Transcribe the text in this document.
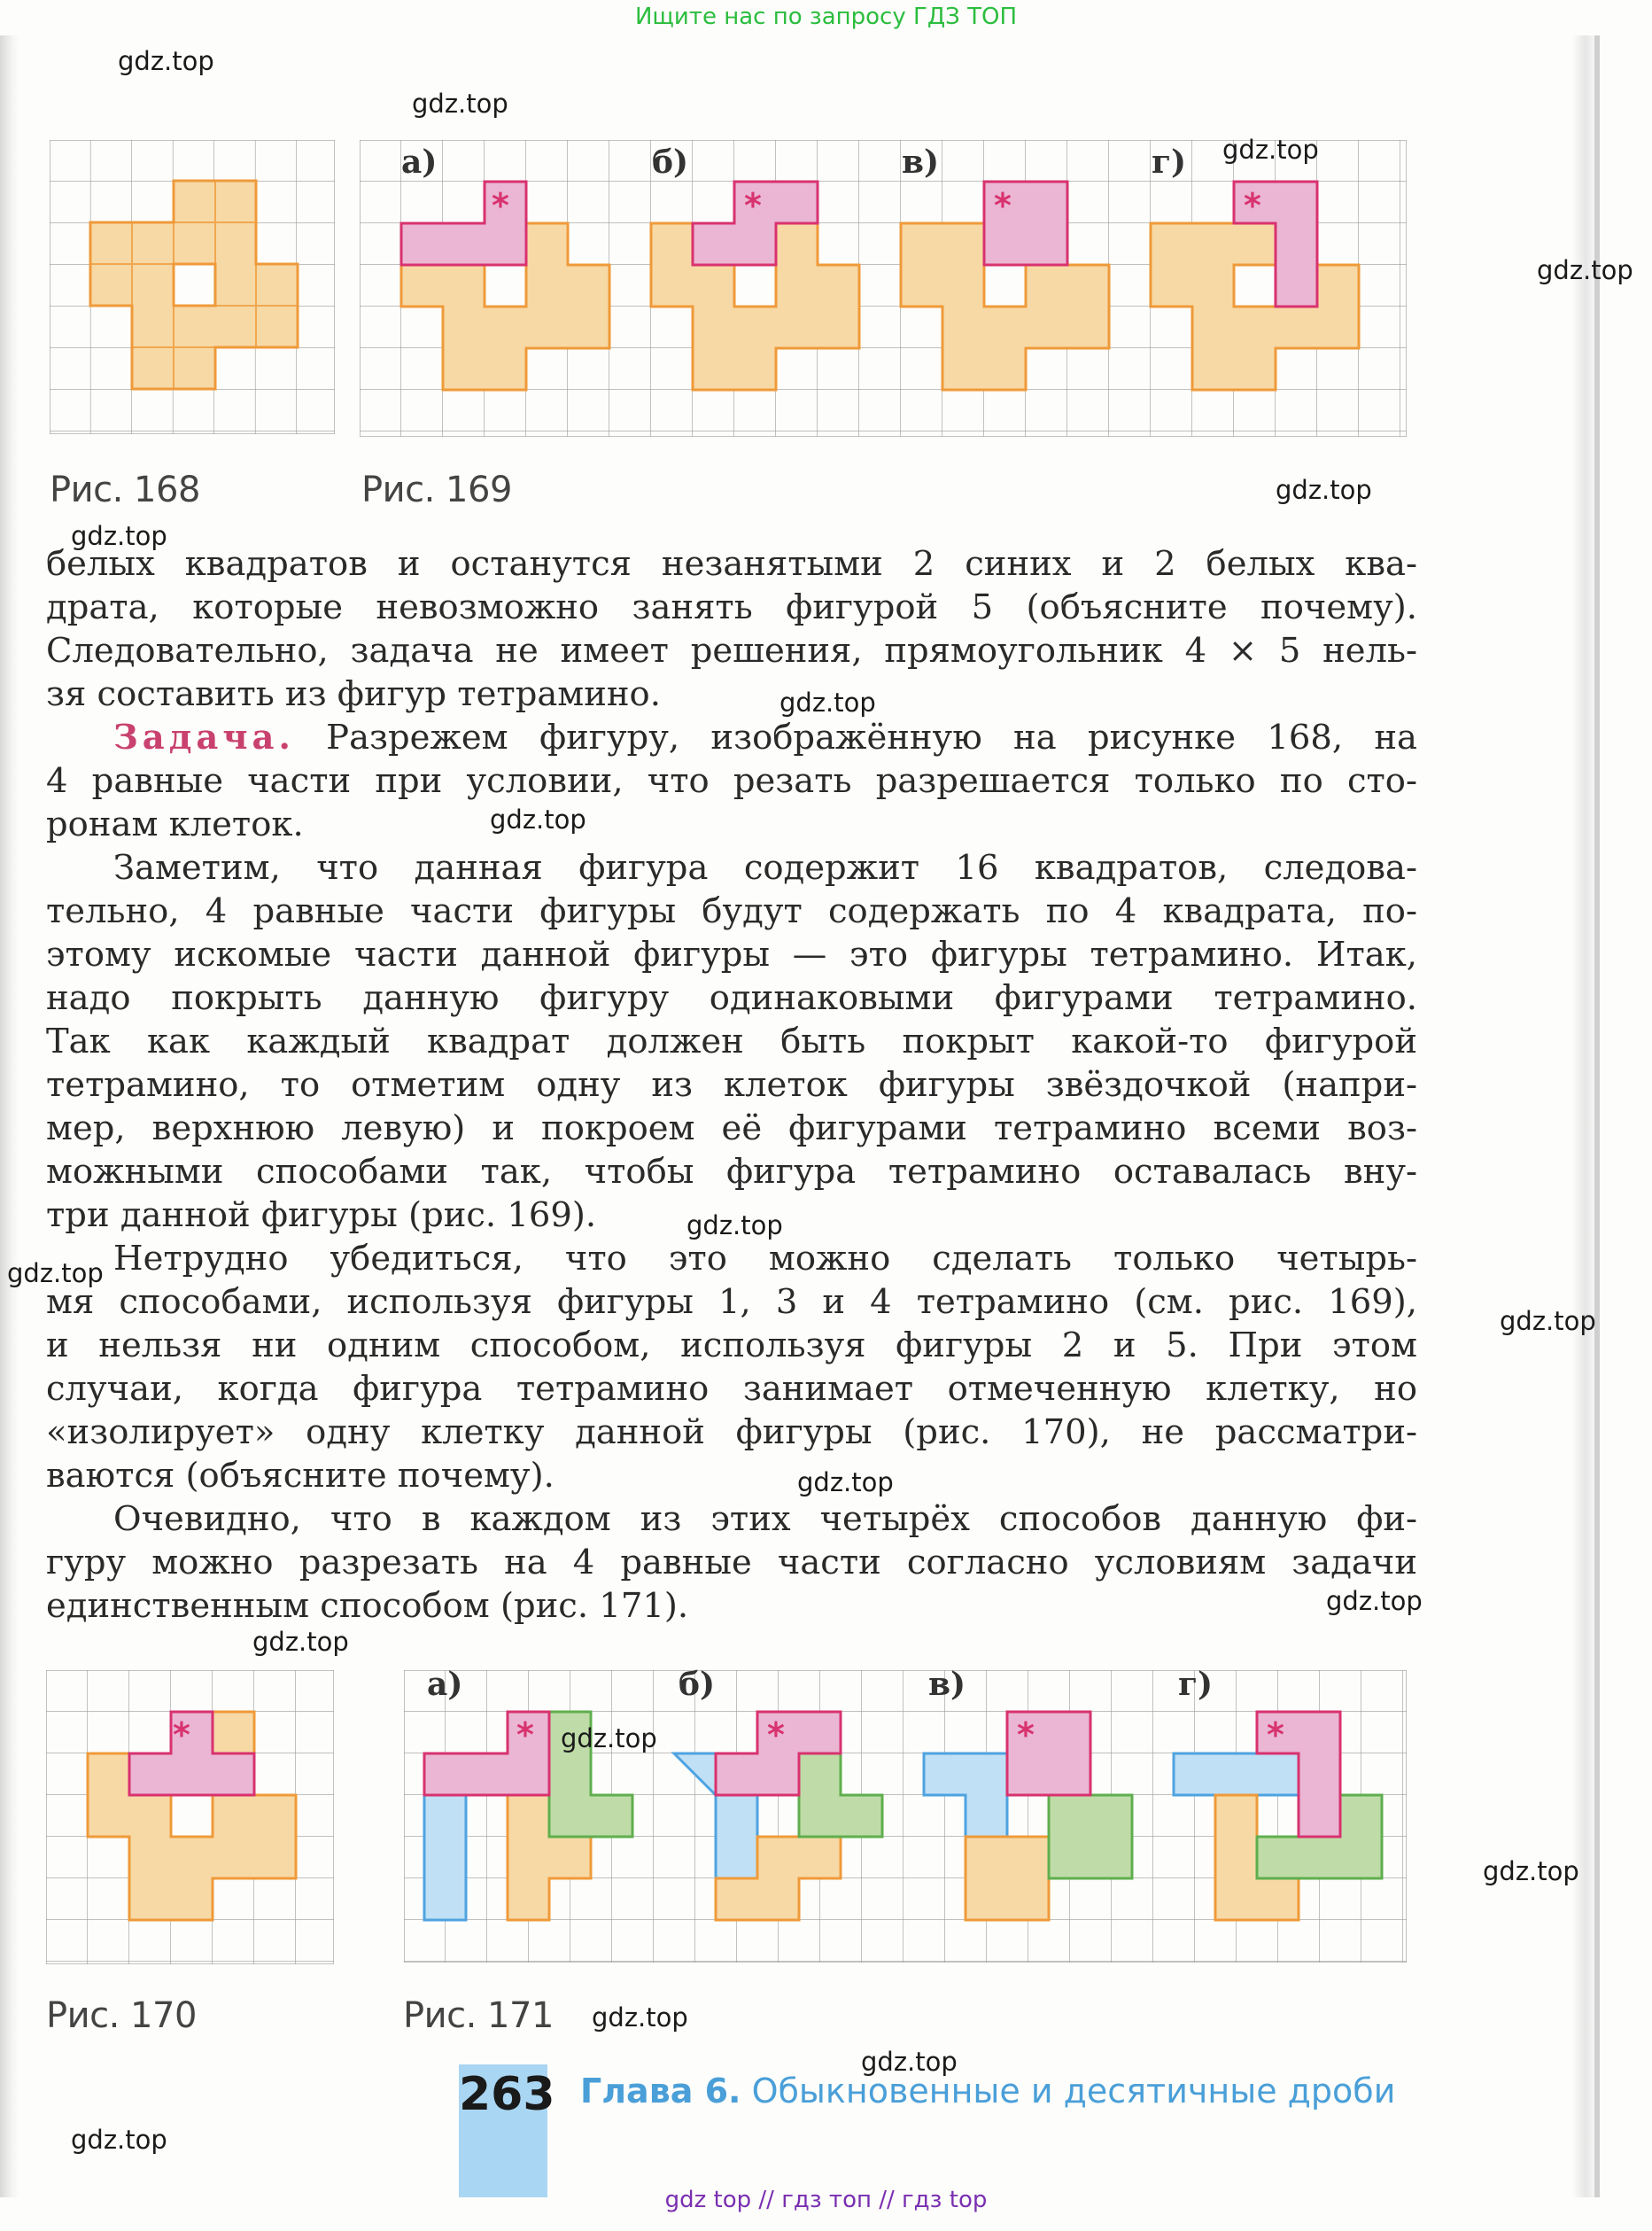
Ищите нас по запросу ГДЗ ТОП
Рис. 168
а)	б)	в)	г)
*	*	*	*
Рис. 169
белых квадратов и останутся незанятыми 2 синих и 2 белых ква-
драта, которые невозможно занять фигурой 5 (объясните почему).
Следовательно, задача не имеет решения, прямоугольник 4 × 5 нель-
зя составить из фигур тетрамино.
Задача. Разрежем фигуру, изображённую на рисунке 168, на
4 равные части при условии, что резать разрешается только по сто-
ронам клеток.
Заметим, что данная фигура содержит 16 квадратов, следова-
тельно, 4 равные части фигуры будут содержать по 4 квадрата, по-
этому искомые части данной фигуры — это фигуры тетрамино. Итак,
надо покрыть данную фигуру одинаковыми фигурами тетрамино.
Так как каждый квадрат должен быть покрыт какой-то фигурой
тетрамино, то отметим одну из клеток фигуры звёздочкой (напри-
мер, верхнюю левую) и покроем её фигурами тетрамино всеми воз-
можными способами так, чтобы фигура тетрамино оставалась вну-
три данной фигуры (рис. 169).
Нетрудно убедиться, что это можно сделать только четырь-
мя способами, используя фигуры 1, 3 и 4 тетрамино (см. рис. 169),
и нельзя ни одним способом, используя фигуры 2 и 5. При этом
случаи, когда фигура тетрамино занимает отмеченную клетку, но
«изолирует» одну клетку данной фигуры (рис. 170), не рассматри-
ваются (объясните почему).
Очевидно, что в каждом из этих четырёх способов данную фи-
гуру можно разрезать на 4 равные части согласно условиям задачи
единственным способом (рис. 171).
*
Рис. 170
а)	б)	в)	г)
*	*	*	*
Рис. 171
263 Глава 6. Обыкновенные и десятичные дроби
gdz top // гдз топ // гдз top
gdz.top
gdz.top
gdz.top
gdz.top
gdz.top
gdz.top
gdz.top
gdz.top
gdz.top
gdz.top
gdz.top
gdz.top
gdz.top
gdz.top
gdz.top
gdz.top
gdz.top
gdz.top
gdz.top
